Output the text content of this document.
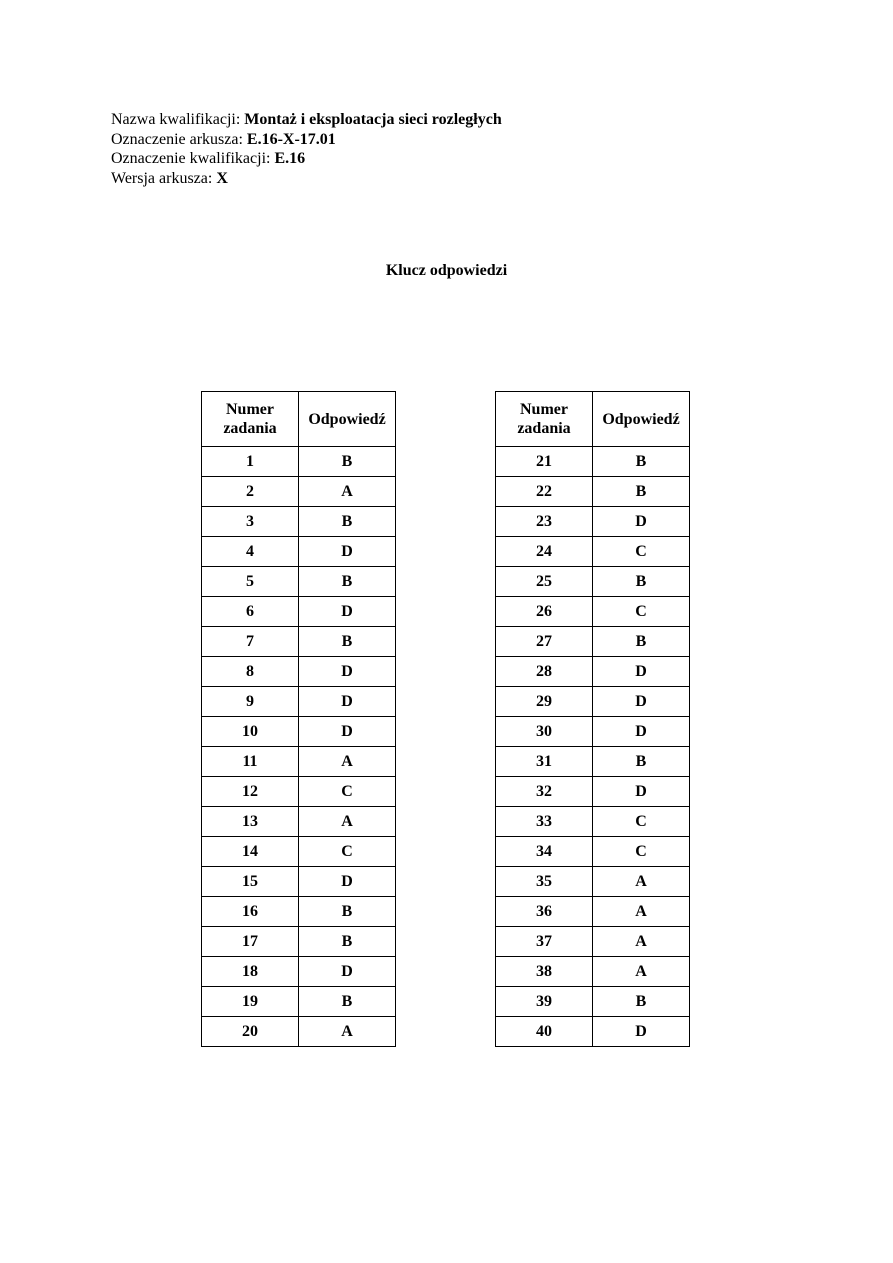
Nazwa kwalifikacji: Montaż i eksploatacja sieci rozległych
Oznaczenie arkusza: E.16-X-17.01
Oznaczenie kwalifikacji: E.16
Wersja arkusza: X
Klucz odpowiedzi
Numer
zadania	Odpowiedź
1	B
2	A
3	B
4	D
5	B
6	D
7	B
8	D
9	D
10	D
11	A
12	C
13	A
14	C
15	D
16	B
17	B
18	D
19	B
20	A
Numer
zadania	Odpowiedź
21	B
22	B
23	D
24	C
25	B
26	C
27	B
28	D
29	D
30	D
31	B
32	D
33	C
34	C
35	A
36	A
37	A
38	A
39	B
40	D
